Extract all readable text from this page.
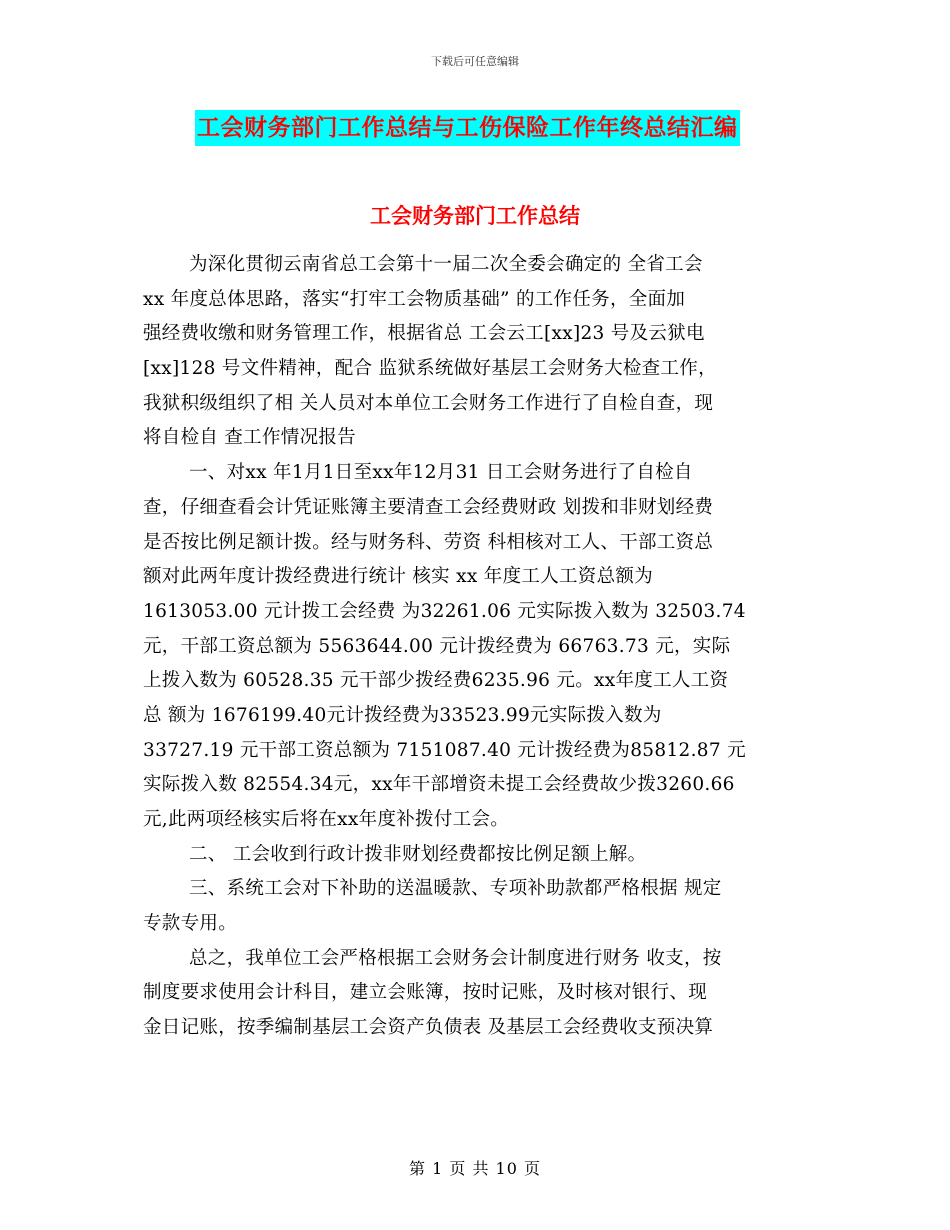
下载后可任意编辑
工会财务部门工作总结与工伤保险工作年终总结汇编
工会财务部门工作总结
为深化贯彻云南省总工会第十一届二次全委会确定的 全省工会
xx 年度总体思路，落实“打牢工会物质基础” 的工作任务，全面加
强经费收缴和财务管理工作，根据省总 工会云工[xx]23 号及云狱电
[xx]128 号文件精神，配合 监狱系统做好基层工会财务大检查工作，
我狱积级组织了相 关人员对本单位工会财务工作进行了自检自查，现
将自检自 查工作情况报告
一、对xx 年1月1日至xx年12月31 日工会财务进行了自检自
查，仔细查看会计凭证账簿主要清查工会经费财政 划拨和非财划经费
是否按比例足额计拨。经与财务科、劳资 科相核对工人、干部工资总
额对此两年度计拨经费进行统计 核实 xx 年度工人工资总额为
1613053.00 元计拨工会经费 为32261.06 元实际拨入数为 32503.74
元，干部工资总额为 5563644.00 元计拨经费为 66763.73 元，实际
上拨入数为 60528.35 元干部少拨经费6235.96 元。xx年度工人工资
总 额为 1676199.40元计拨经费为33523.99元实际拨入数为
33727.19 元干部工资总额为 7151087.40 元计拨经费为85812.87 元
实际拨入数 82554.34元，xx年干部增资未提工会经费故少拨3260.66
元,此两项经核实后将在xx年度补拨付工会。
二、 工会收到行政计拨非财划经费都按比例足额上解。
三、系统工会对下补助的送温暖款、专项补助款都严格根据 规定
专款专用。
总之，我单位工会严格根据工会财务会计制度进行财务 收支，按
制度要求使用会计科目，建立会账簿，按时记账，及时核对银行、现
金日记账，按季编制基层工会资产负债表 及基层工会经费收支预决算
第 1 页 共 10 页
